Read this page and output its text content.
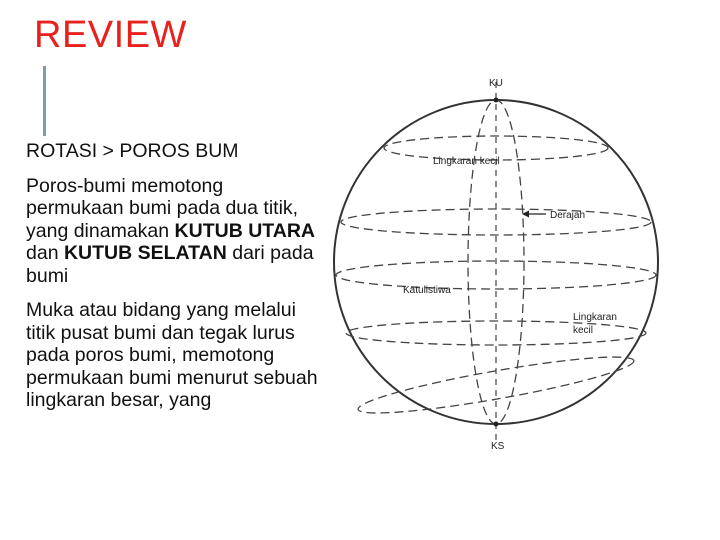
REVIEW

ROTASI > POROS BUM

Poros-bumi memotong permukaan bumi pada dua titik, yang dinamakan KUTUB UTARA dan KUTUB SELATAN dari pada bumi

Muka atau bidang yang melalui titik pusat bumi dan tegak lurus pada poros bumi, memotong permukaan bumi menurut sebuah lingkaran besar, yang

KU
KS
Lingkaran kecil
Derajah
Katulistiwa
Lingkaran
kecil
